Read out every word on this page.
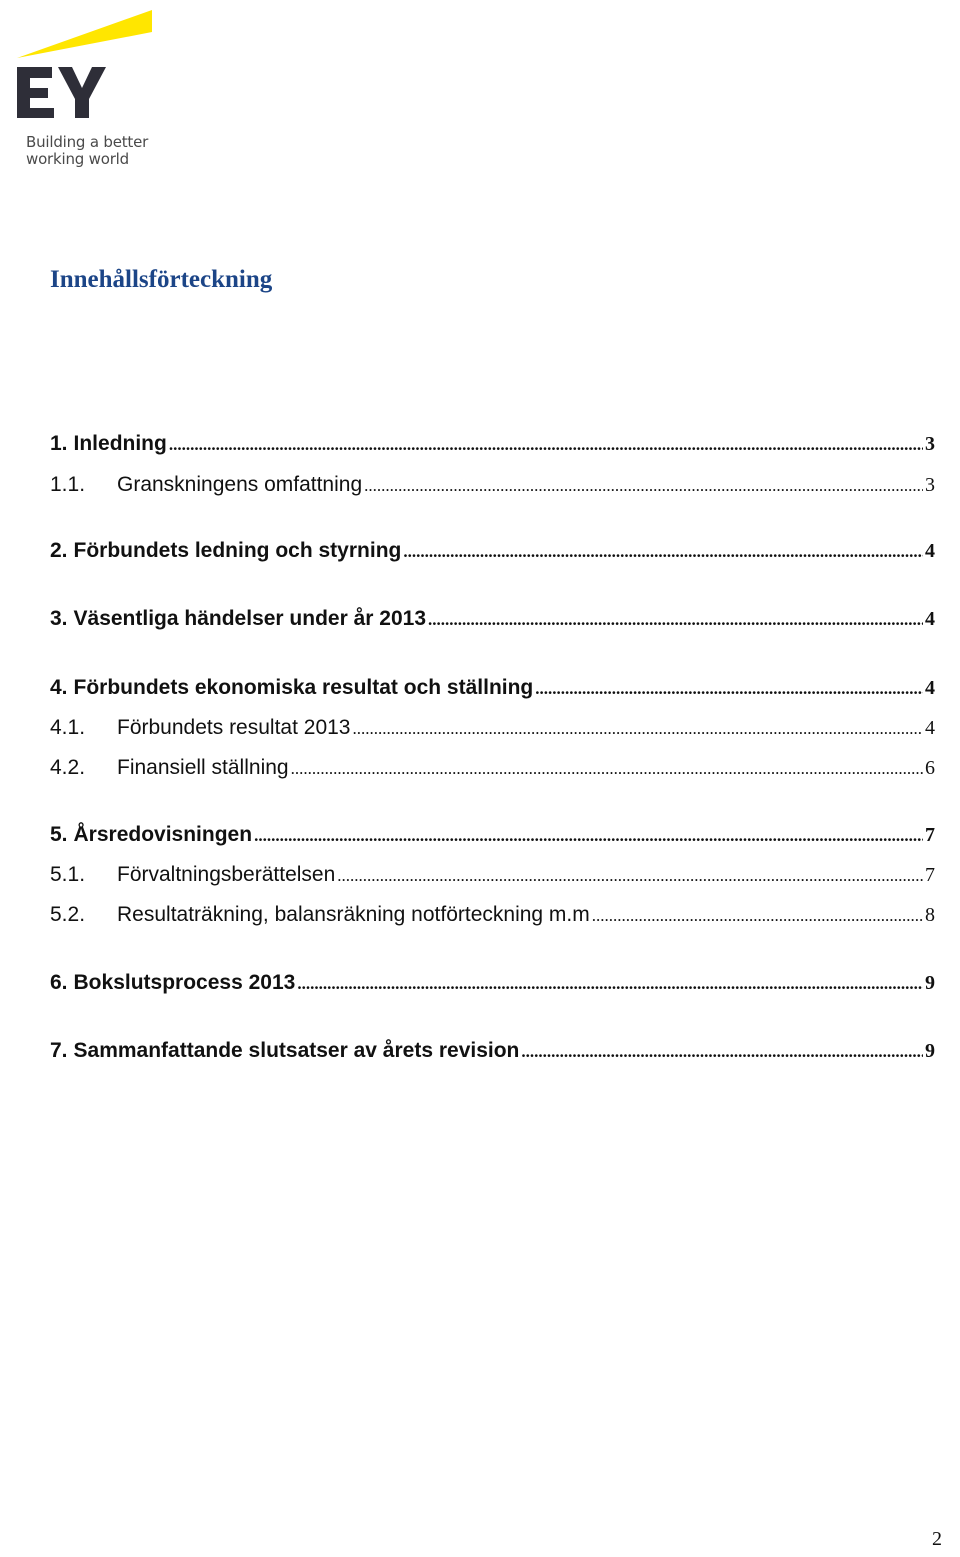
Building a better
working world
Innehållsförteckning
1. Inledning .....	3
1.1.	Granskningens omfattning .....	3
2. Förbundets ledning och styrning .....	4
3. Väsentliga händelser under år 2013 .....	4
4. Förbundets ekonomiska resultat och ställning .....	4
4.1.	Förbundets resultat 2013 .....	4
4.2.	Finansiell ställning .....	6
5. Årsredovisningen .....	7
5.1.	Förvaltningsberättelsen .....	7
5.2.	Resultaträkning, balansräkning notförteckning m.m .....	8
6. Bokslutsprocess 2013 .....	9
7. Sammanfattande slutsatser av årets revision .....	9
2
